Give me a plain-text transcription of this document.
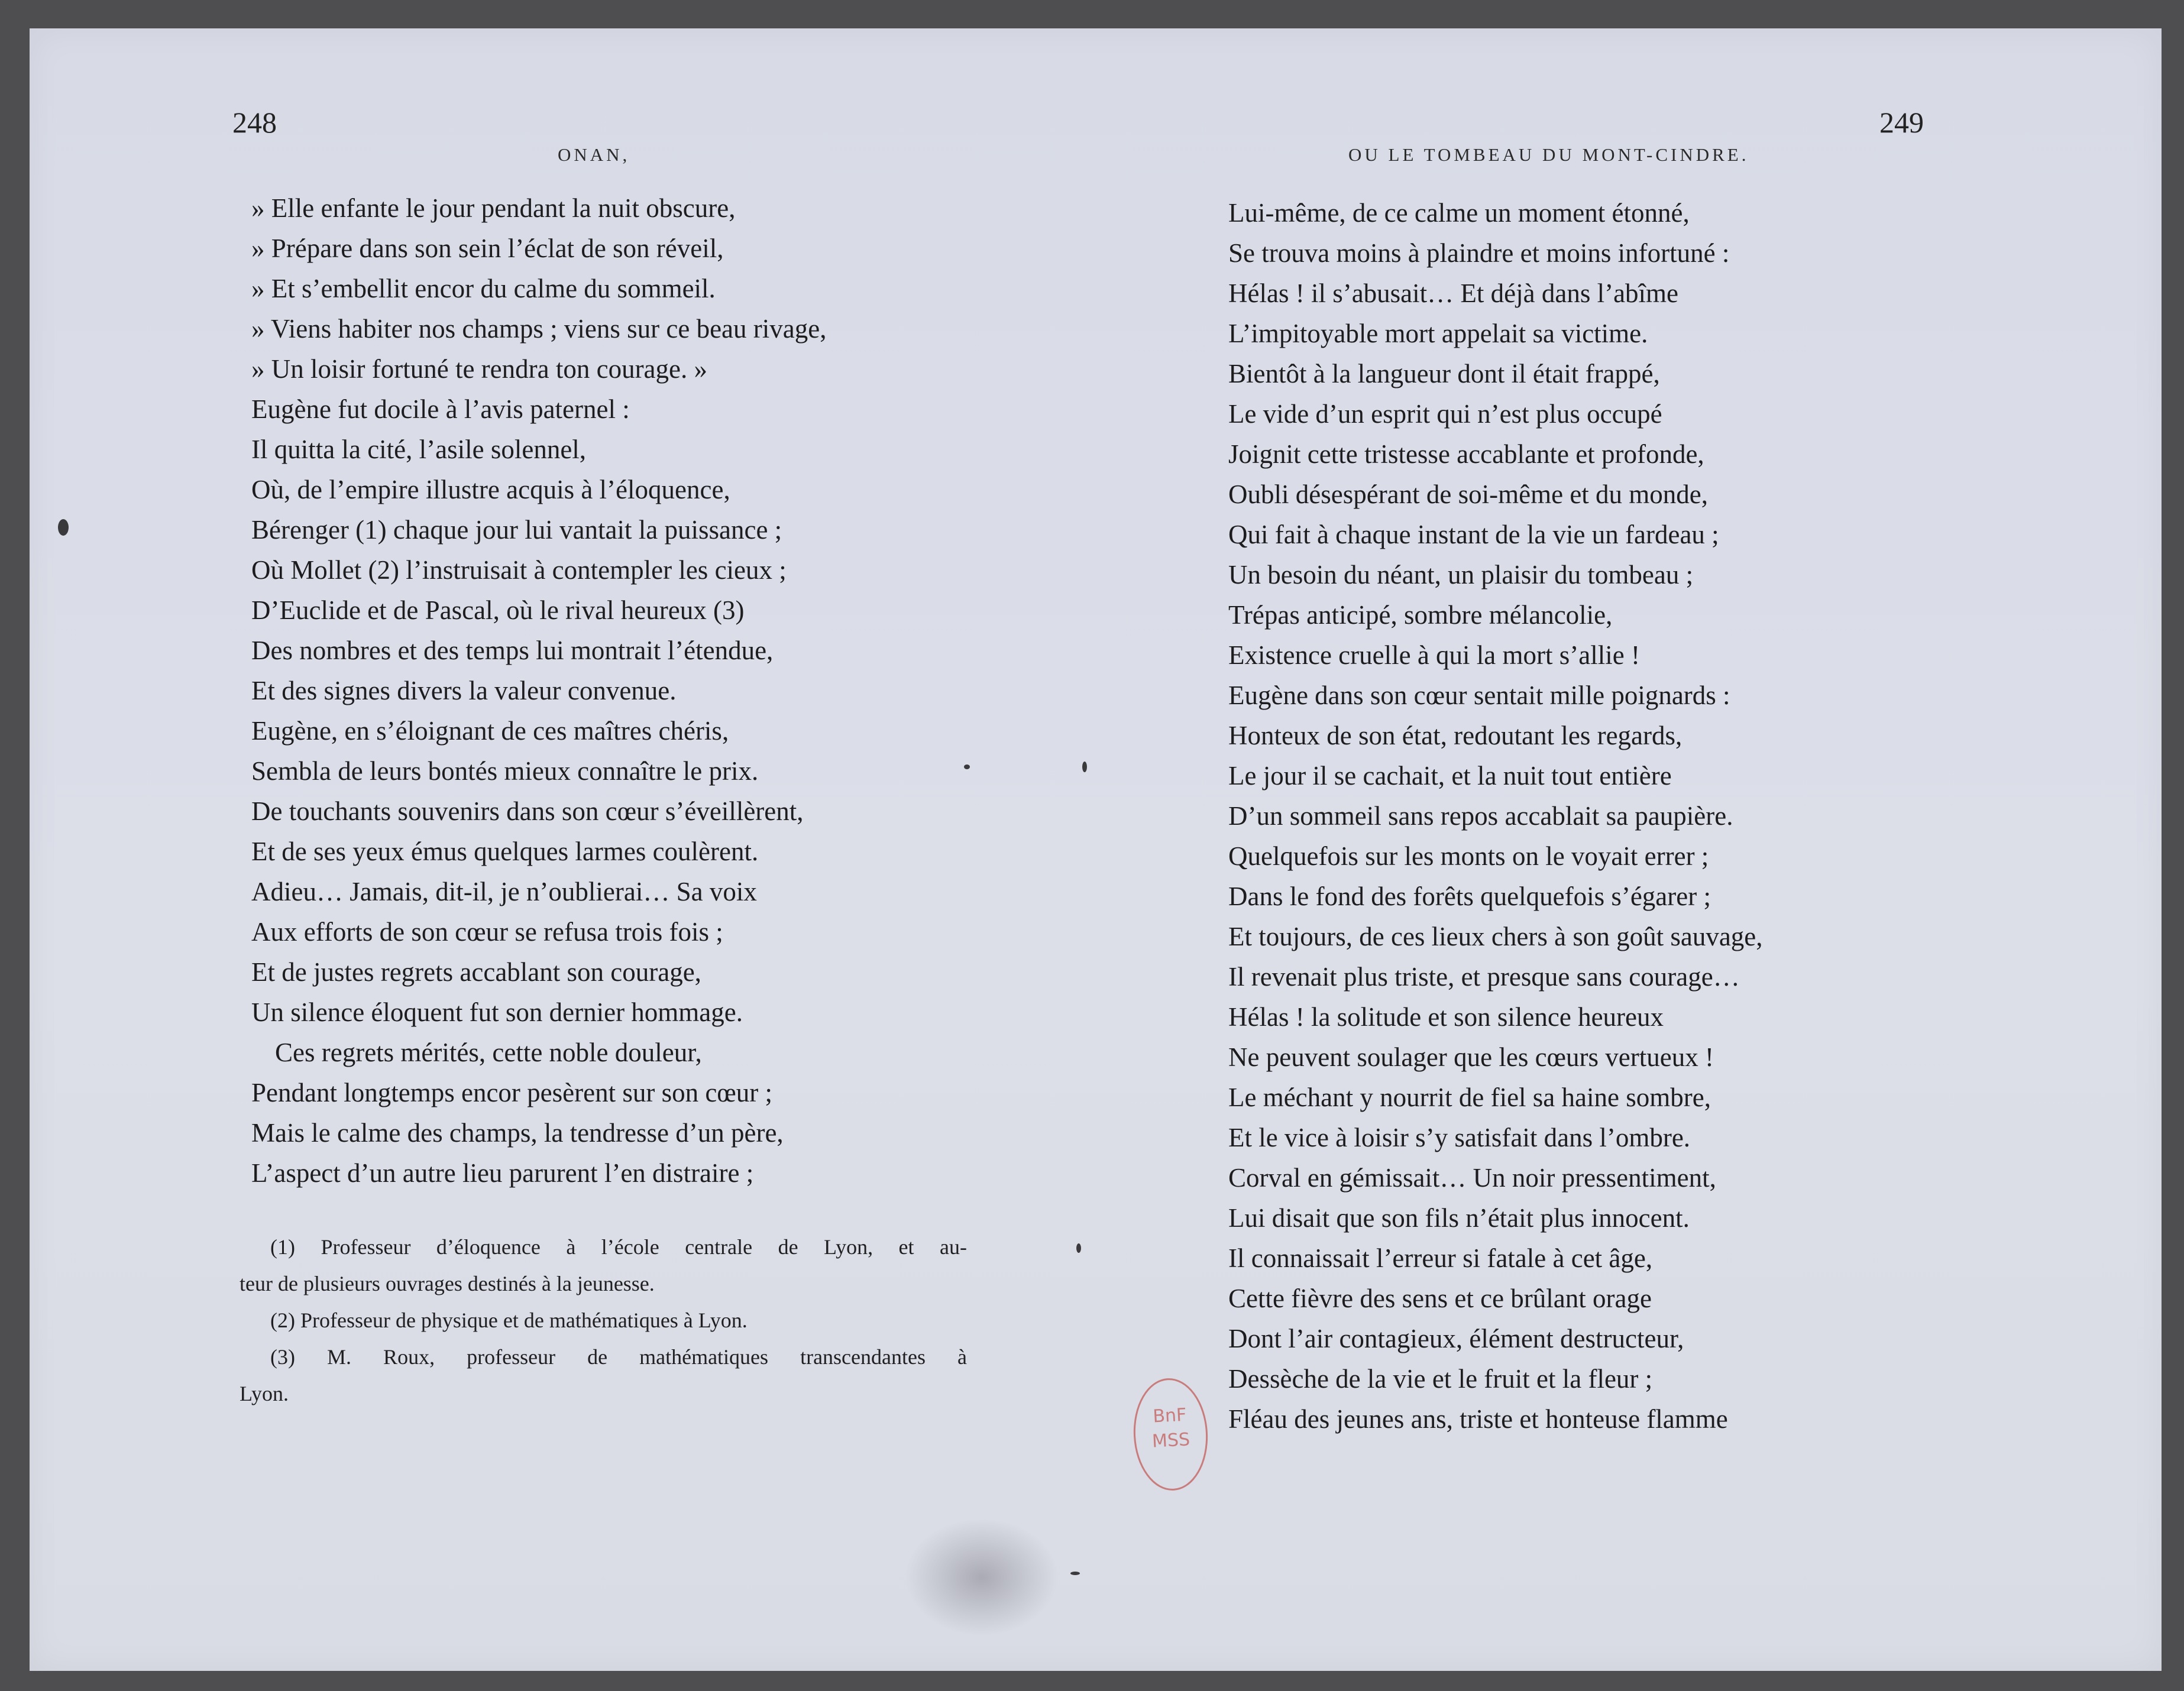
248
ONAN,	OU LE TOMBEAU DU MONT-CINDRE.
249
» Elle enfante le jour pendant la nuit obscure,
» Prépare dans son sein l’éclat de son réveil,
» Et s’embellit encor du calme du sommeil.
» Viens habiter nos champs ; viens sur ce beau rivage,
» Un loisir fortuné te rendra ton courage. »
Eugène fut docile à l’avis paternel :
Il quitta la cité, l’asile solennel,
Où, de l’empire illustre acquis à l’éloquence,
Bérenger (1) chaque jour lui vantait la puissance ;
Où Mollet (2) l’instruisait à contempler les cieux ;
D’Euclide et de Pascal, où le rival heureux (3)
Des nombres et des temps lui montrait l’étendue,
Et des signes divers la valeur convenue.
Eugène, en s’éloignant de ces maîtres chéris,
Sembla de leurs bontés mieux connaître le prix.
De touchants souvenirs dans son cœur s’éveillèrent,
Et de ses yeux émus quelques larmes coulèrent.
Adieu… Jamais, dit-il, je n’oublierai… Sa voix
Aux efforts de son cœur se refusa trois fois ;
Et de justes regrets accablant son courage,
Un silence éloquent fut son dernier hommage.
Ces regrets mérités, cette noble douleur,
Pendant longtemps encor pesèrent sur son cœur ;
Mais le calme des champs, la tendresse d’un père,
L’aspect d’un autre lieu parurent l’en distraire ;
(1) Professeur d’éloquence à l’école centrale de Lyon, et au-
teur de plusieurs ouvrages destinés à la jeunesse.
(2) Professeur de physique et de mathématiques à Lyon.
(3) M. Roux, professeur de mathématiques transcendantes à
Lyon.
Lui-même, de ce calme un moment étonné,
Se trouva moins à plaindre et moins infortuné :
Hélas ! il s’abusait… Et déjà dans l’abîme
L’impitoyable mort appelait sa victime.
Bientôt à la langueur dont il était frappé,
Le vide d’un esprit qui n’est plus occupé
Joignit cette tristesse accablante et profonde,
Oubli désespérant de soi-même et du monde,
Qui fait à chaque instant de la vie un fardeau ;
Un besoin du néant, un plaisir du tombeau ;
Trépas anticipé, sombre mélancolie,
Existence cruelle à qui la mort s’allie !
Eugène dans son cœur sentait mille poignards :
Honteux de son état, redoutant les regards,
Le jour il se cachait, et la nuit tout entière
D’un sommeil sans repos accablait sa paupière.
Quelquefois sur les monts on le voyait errer ;
Dans le fond des forêts quelquefois s’égarer ;
Et toujours, de ces lieux chers à son goût sauvage,
Il revenait plus triste, et presque sans courage…
Hélas ! la solitude et son silence heureux
Ne peuvent soulager que les cœurs vertueux !
Le méchant y nourrit de fiel sa haine sombre,
Et le vice à loisir s’y satisfait dans l’ombre.
Corval en gémissait… Un noir pressentiment,
Lui disait que son fils n’était plus innocent.
Il connaissait l’erreur si fatale à cet âge,
Cette fièvre des sens et ce brûlant orage
Dont l’air contagieux, élément destructeur,
Dessèche de la vie et le fruit et la fleur ;
Fléau des jeunes ans, triste et honteuse flamme
BnF
MSS
